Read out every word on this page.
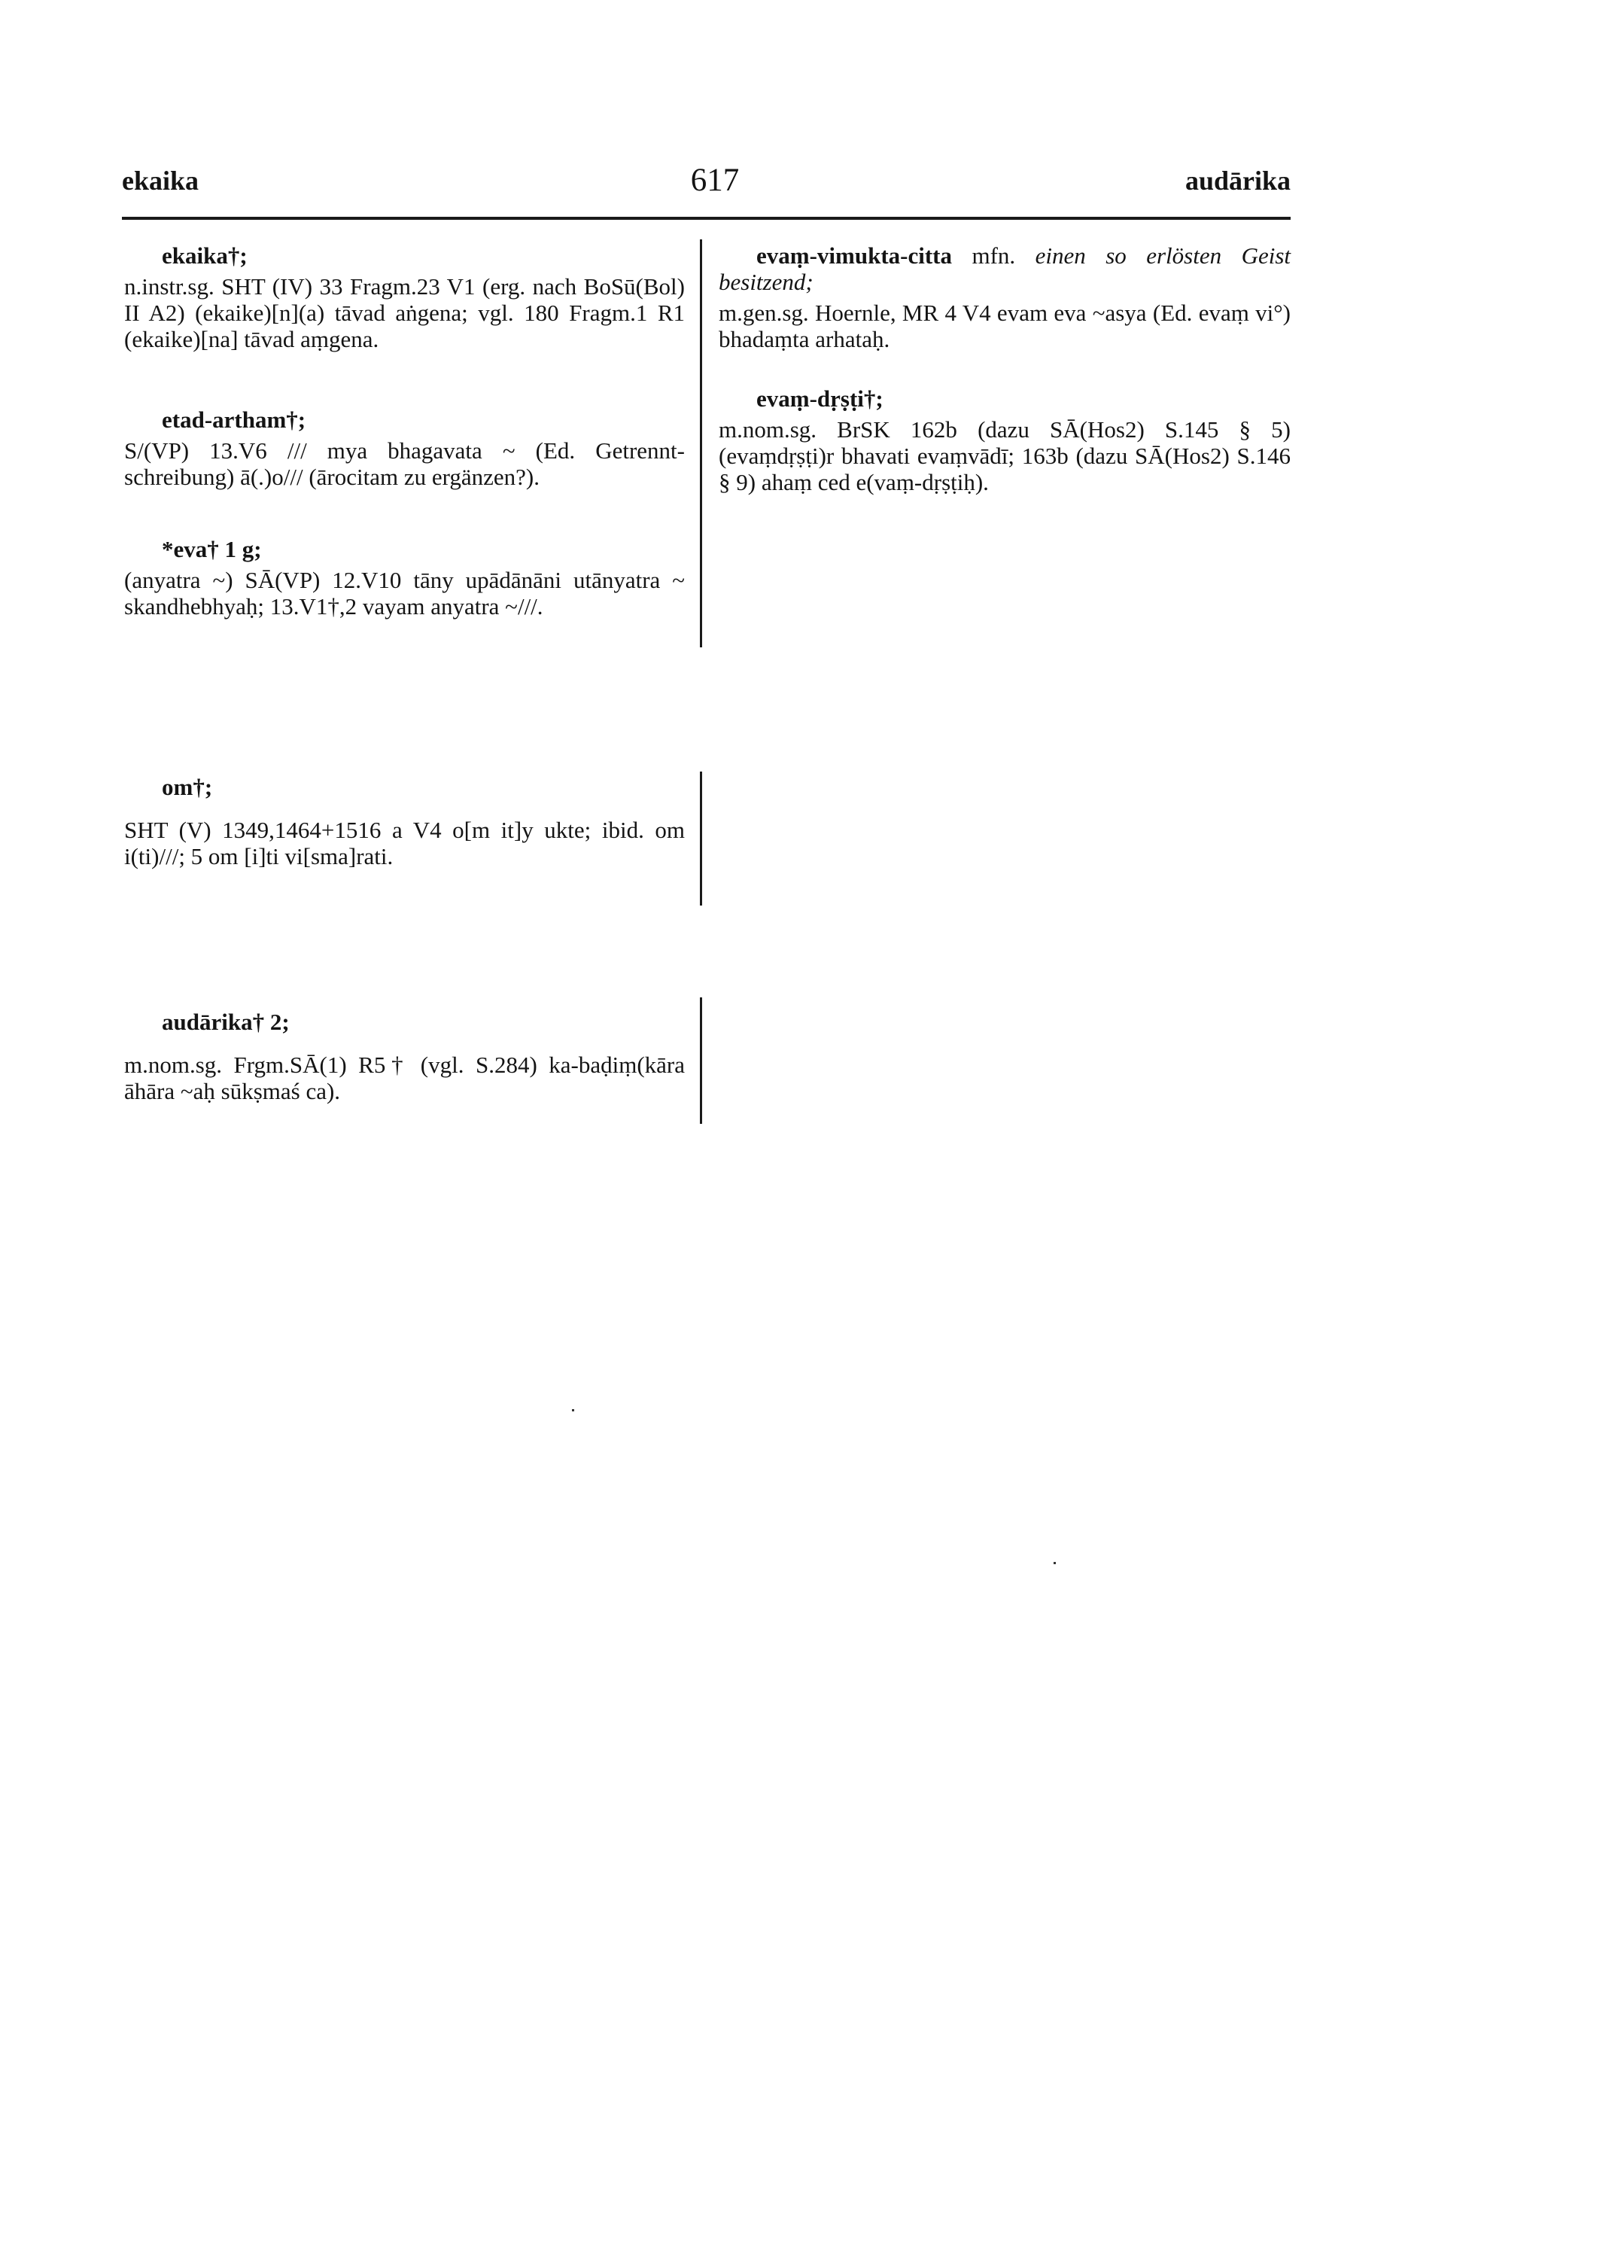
ekaika	617	audārika
ekaika†;

n.instr.sg. SHT (IV) 33 Fragm.23 V1 (erg. nach BoSū(Bol) II A2) (ekaike)[n](a) tāvad aṅgena; vgl. 180 Fragm.1 R1 (ekaike)[na] tāvad aṃgena.

etad-artham†;

S/(VP) 13.V6 /// mya bhagavata ~ (Ed. Getrennt-schreibung) ā(.)o/// (ārocitam zu ergänzen?).

*eva† 1 g;

(anyatra ~) SĀ(VP) 12.V10 tāny upādānāni utānyatra ~ skandhebhyaḥ; 13.V1†,2 vayam anyatra ~///.

evaṃ-vimukta-citta mfn. einen so erlösten Geist besitzend;

m.gen.sg. Hoernle, MR 4 V4 evam eva ~asya (Ed. evaṃ vi°) bhadaṃta arhataḥ.

evaṃ-dṛṣṭi†;

m.nom.sg. BrSK 162b (dazu SĀ(Hos2) S.145 § 5) (evaṃdṛṣṭi)r bhavati evaṃvādī; 163b (dazu SĀ(Hos2) S.146 § 9) ahaṃ ced e(vaṃ-dṛṣṭiḥ).

om†;

SHT (V) 1349,1464+1516 a V4 o[m it]y ukte; ibid. om i(ti)///; 5 om [i]ti vi[sma]rati.

audārika† 2;

m.nom.sg. Frgm.SĀ(1) R5† (vgl. S.284) ka-baḍiṃ(kāra āhāra ~aḥ sūkṣmaś ca).
